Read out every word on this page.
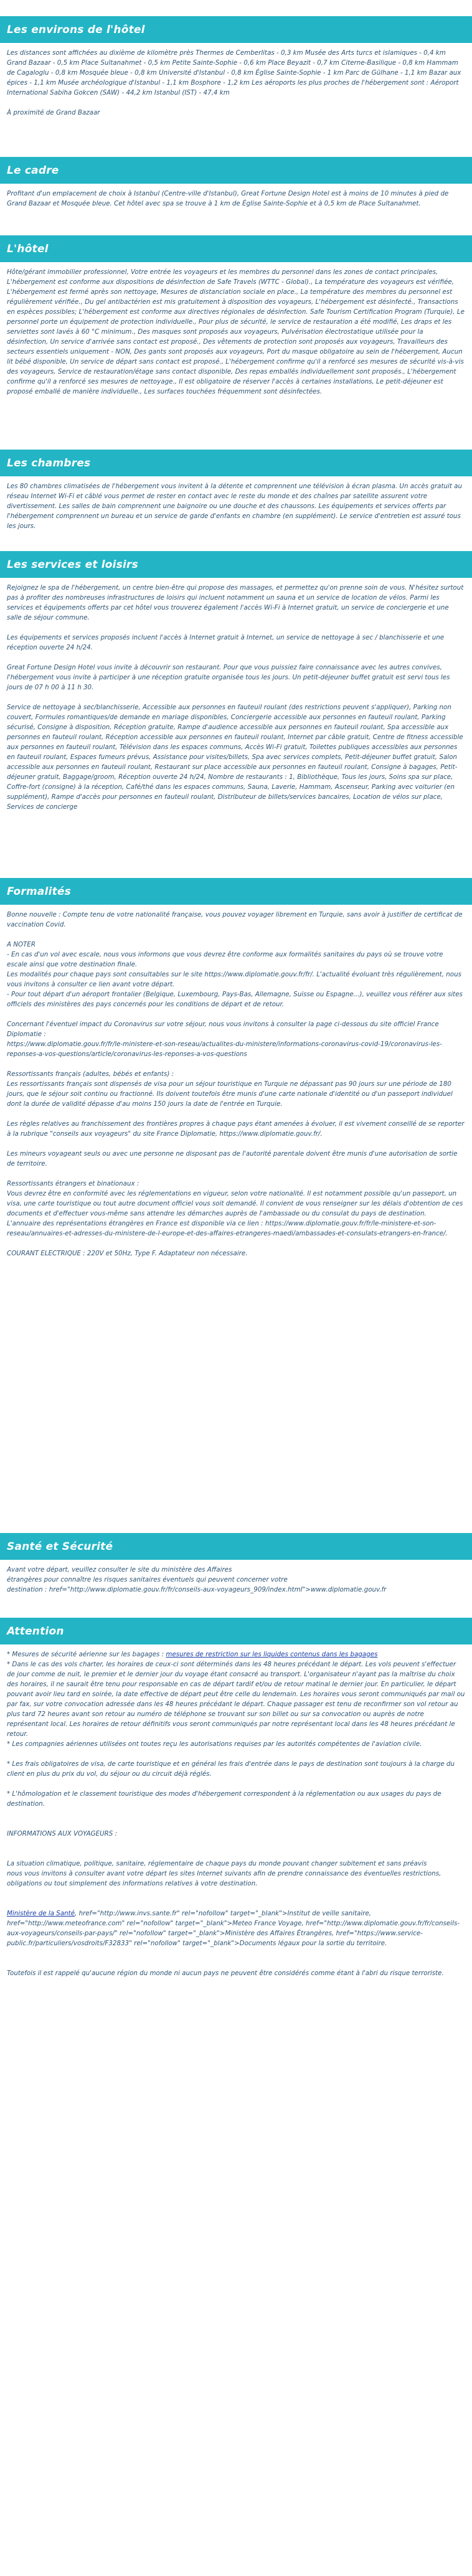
Les environs de l'hôtel

Les distances sont affichées au dixième de kilomètre près Thermes de Cemberlitas - 0,3 km Musée des Arts turcs et islamiques - 0,4 km Grand Bazaar - 0,5 km Place Sultanahmet - 0,5 km Petite Sainte-Sophie - 0,6 km Place Beyazit - 0,7 km Citerne-Basilique - 0,8 km Hammam de Cagaloglu - 0,8 km Mosquée bleue - 0,8 km Université d'Istanbul - 0,8 km Église Sainte-Sophie - 1 km Parc de Gülhane - 1,1 km Bazar aux épices - 1,1 km Musée archéologique d'Istanbul - 1,1 km Bosphore - 1,2 km Les aéroports les plus proches de l'hébergement sont : Aéroport International Sabiha Gokcen (SAW) - 44,2 km Istanbul (IST) - 47,4 km

À proximité de Grand Bazaar

Le cadre

Profitant d'un emplacement de choix à Istanbul (Centre-ville d'Istanbul), Great Fortune Design Hotel est à moins de 10 minutes à pied de Grand Bazaar et Mosquée bleue. Cet hôtel avec spa se trouve à 1 km de Église Sainte-Sophie et à 0,5 km de Place Sultanahmet.

L'hôtel

Hôte/gérant immobilier professionnel, Votre entrée les voyageurs et les membres du personnel dans les zones de contact principales, L'hébergement est conforme aux dispositions de désinfection de Safe Travels (WTTC - Global)., La température des voyageurs est vérifiée, L'hébergement est fermé après son nettoyage, Mesures de distanciation sociale en place., La température des membres du personnel est régulièrement vérifiée., Du gel antibactérien est mis gratuitement à disposition des voyageurs, L'hébergement est désinfecté., Transactions en espèces possibles; L'hébergement est conforme aux directives régionales de désinfection. Safe Tourism Certification Program (Turquie), Le personnel porte un équipement de protection individuelle., Pour plus de sécurité, le service de restauration a été modifié, Les draps et les serviettes sont lavés à 60 °C minimum., Des masques sont proposés aux voyageurs, Pulvérisation électrostatique utilisée pour la désinfection, Un service d'arrivée sans contact est proposé., Des vêtements de protection sont proposés aux voyageurs, Travailleurs des secteurs essentiels uniquement - NON, Des gants sont proposés aux voyageurs, Port du masque obligatoire au sein de l'hébergement, Aucun lit bébé disponible, Un service de départ sans contact est proposé., L'hébergement confirme qu'il a renforcé ses mesures de sécurité vis-à-vis des voyageurs, Service de restauration/étage sans contact disponible, Des repas emballés individuellement sont proposés., L'hébergement confirme qu'il a renforcé ses mesures de nettoyage., Il est obligatoire de réserver l'accès à certaines installations, Le petit-déjeuner est proposé emballé de manière individuelle., Les surfaces touchées fréquemment sont désinfectées.

Les chambres

Les 80 chambres climatisées de l'hébergement vous invitent à la détente et comprennent une télévision à écran plasma. Un accès gratuit au réseau Internet Wi-Fi et câblé vous permet de rester en contact avec le reste du monde et des chaînes par satellite assurent votre divertissement. Les salles de bain comprennent une baignoire ou une douche et des chaussons. Les équipements et services offerts par l'hébergement comprennent un bureau et un service de garde d'enfants en chambre (en supplément). Le service d'entretien est assuré tous les jours.

Les services et loisirs

Rejoignez le spa de l'hébergement, un centre bien-être qui propose des massages, et permettez qu'on prenne soin de vous. N'hésitez surtout pas à profiter des nombreuses infrastructures de loisirs qui incluent notamment un sauna et un service de location de vélos. Parmi les services et équipements offerts par cet hôtel vous trouverez également l'accès Wi-Fi à Internet gratuit, un service de conciergerie et une salle de séjour commune.

Les équipements et services proposés incluent l'accès à Internet gratuit à Internet, un service de nettoyage à sec / blanchisserie et une réception ouverte 24 h/24.

Great Fortune Design Hotel vous invite à découvrir son restaurant. Pour que vous puissiez faire connaissance avec les autres convives, l'hébergement vous invite à participer à une réception gratuite organisée tous les jours. Un petit-déjeuner buffet gratuit est servi tous les jours de 07 h 00 à 11 h 30.

Service de nettoyage à sec/blanchisserie, Accessible aux personnes en fauteuil roulant (des restrictions peuvent s'appliquer), Parking non couvert, Formules romantiques/de demande en mariage disponibles, Conciergerie accessible aux personnes en fauteuil roulant, Parking sécurisé, Consigne à disposition, Réception gratuite, Rampe d'audience accessible aux personnes en fauteuil roulant, Spa accessible aux personnes en fauteuil roulant, Réception accessible aux personnes en fauteuil roulant, Internet par câble gratuit, Centre de fitness accessible aux personnes en fauteuil roulant, Télévision dans les espaces communs, Accès Wi-Fi gratuit, Toilettes publiques accessibles aux personnes en fauteuil roulant, Espaces fumeurs prévus, Assistance pour visites/billets, Spa avec services complets, Petit-déjeuner buffet gratuit, Salon accessible aux personnes en fauteuil roulant, Restaurant sur place accessible aux personnes en fauteuil roulant, Consigne à bagages, Petit-déjeuner gratuit, Baggage/groom, Réception ouverte 24 h/24, Nombre de restaurants : 1, Bibliothèque, Tous les jours, Soins spa sur place, Coffre-fort (consigne) à la réception, Café/thé dans les espaces communs, Sauna, Laverie, Hammam, Ascenseur, Parking avec voiturier (en supplément), Rampe d'accès pour personnes en fauteuil roulant, Distributeur de billets/services bancaires, Location de vélos sur place, Services de concierge

Formalités

Bonne nouvelle : Compte tenu de votre nationalité française, vous pouvez voyager librement en Turquie, sans avoir à justifier de certificat de vaccination Covid.

A NOTER

- En cas d'un vol avec escale, nous vous informons que vous devrez être conforme aux formalités sanitaires du pays où se trouve votre escale ainsi que votre destination finale.

Les modalités pour chaque pays sont consultables sur le site https://www.diplomatie.gouv.fr/fr/. L'actualité évoluant très régulièrement, nous vous invitons à consulter ce lien avant votre départ.

- Pour tout départ d'un aéroport frontalier (Belgique, Luxembourg, Pays-Bas, Allemagne, Suisse ou Espagne...), veuillez vous référer aux sites officiels des ministères des pays concernés pour les conditions de départ et de retour.

Concernant l'éventuel impact du Coronavirus sur votre séjour, nous vous invitons à consulter la page ci-dessous du site officiel France Diplomatie :

https://www.diplomatie.gouv.fr/fr/le-ministere-et-son-reseau/actualites-du-ministere/informations-coronavirus-covid-19/coronavirus-les-reponses-a-vos-questions/article/coronavirus-les-reponses-a-vos-questions

Ressortissants français (adultes, bébés et enfants) :

Les ressortissants français sont dispensés de visa pour un séjour touristique en Turquie ne dépassant pas 90 jours sur une période de 180 jours, que le séjour soit continu ou fractionné. Ils doivent toutefois être munis d'une carte nationale d'identité ou d'un passeport individuel dont la durée de validité dépasse d'au moins 150 jours la date de l'entrée en Turquie.

Les règles relatives au franchissement des frontières propres à chaque pays étant amenées à évoluer, il est vivement conseillé de se reporter à la rubrique "conseils aux voyageurs" du site France Diplomatie, https://www.diplomatie.gouv.fr/.

Les mineurs voyageant seuls ou avec une personne ne disposant pas de l'autorité parentale doivent être munis d'une autorisation de sortie de territoire.

Ressortissants étrangers et binationaux :

Vous devrez être en conformité avec les réglementations en vigueur, selon votre nationalité. Il est notamment possible qu'un passeport, un visa, une carte touristique ou tout autre document officiel vous soit demandé. Il convient de vous renseigner sur les délais d'obtention de ces documents et d'effectuer vous-même sans attendre les démarches auprès de l'ambassade ou du consulat du pays de destination.

L'annuaire des représentations étrangères en France est disponible via ce lien : https://www.diplomatie.gouv.fr/fr/le-ministere-et-son-reseau/annuaires-et-adresses-du-ministere-de-l-europe-et-des-affaires-etrangeres-maedi/ambassades-et-consulats-etrangers-en-france/.

COURANT ELECTRIQUE : 220V et 50Hz, Type F. Adaptateur non nécessaire.

Santé et Sécurité

Avant votre départ, veuillez consulter le site du ministère des Affaires

étrangères pour connaître les risques sanitaires éventuels qui peuvent concerner votre

destination : href="http://www.diplomatie.gouv.fr/fr/conseils-aux-voyageurs_909/index.html">www.diplomatie.gouv.fr

Attention

* Mesures de sécurité aérienne sur les bagages : mesures de restriction sur les liquides contenus dans les bagages

* Dans le cas des vols charter, les horaires de ceux-ci sont déterminés dans les 48 heures précédant le départ. Les vols peuvent s'effectuer de jour comme de nuit, le premier et le dernier jour du voyage étant consacré au transport. L'organisateur n'ayant pas la maîtrise du choix des horaires, il ne saurait être tenu pour responsable en cas de départ tardif et/ou de retour matinal le dernier jour. En particulier, le départ pouvant avoir lieu tard en soirée, la date effective de départ peut être celle du lendemain. Les horaires vous seront communiqués par mail ou par fax, sur votre convocation adressée dans les 48 heures précédant le départ. Chaque passager est tenu de reconfirmer son vol retour au plus tard 72 heures avant son retour au numéro de téléphone se trouvant sur son billet ou sur sa convocation ou auprès de notre représentant local. Les horaires de retour définitifs vous seront communiqués par notre représentant local dans les 48 heures précédant le retour.

* Les compagnies aériennes utilisées ont toutes reçu les autorisations requises par les autorités compétentes de l'aviation civile.

* Les frais obligatoires de visa, de carte touristique et en général les frais d'entrée dans le pays de destination sont toujours à la charge du client en plus du prix du vol, du séjour ou du circuit déjà réglés.

* L'hômologation et le classement touristique des modes d'hébergement correspondent à la réglementation ou aux usages du pays de destination.

INFORMATIONS AUX VOYAGEURS :

La situation climatique, politique, sanitaire, réglementaire de chaque pays du monde pouvant changer subitement et sans préavis

nous vous invitons à consulter avant votre départ les sites Internet suivants afin de prendre connaissance des éventuelles restrictions, obligations ou tout simplement des informations relatives à votre destination.

Ministère de la Santé, href="http://www.invs.sante.fr" rel="nofollow" target="_blank">Institut de veille sanitaire, href="http://www.meteofrance.com" rel="nofollow" target="_blank">Meteo France Voyage, href="http://www.diplomatie.gouv.fr/fr/conseils-aux-voyageurs/conseils-par-pays/" rel="nofollow" target="_blank">Ministère des Affaires Étrangères, href="https://www.service-public.fr/particuliers/vosdroits/F32833" rel="nofollow" target="_blank">Documents légaux pour la sortie du territoire.

Toutefois il est rappelé qu'aucune région du monde ni aucun pays ne peuvent être considérés comme étant à l'abri du risque terroriste.
